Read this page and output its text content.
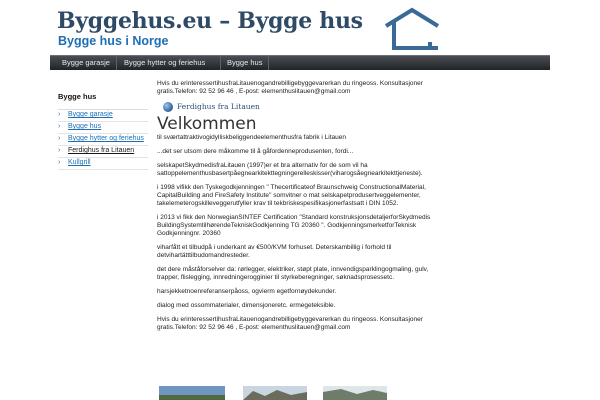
Byggehus.eu – Bygge hus
Bygge hus i Norge
Bygge garasje Bygge hytter og feriehus	Bygge hus
Bygge hus
› Bygge garasje
› Bygge hus
› Bygge hytter og feriehus
› Ferdighus fra Litauen
› Kullgrill

Hvis du erinteressertihusfraLitauenogandrebilligebyggevarerkan du ringeoss. Konsultasjoner gratis.Telefon: 92 52 96 46 , E-post: elementhuslitauen@gmail.com

Ferdighus fra Litauen
Velkommen

til sværtattraktivogidylliskbeliggendeelementhusfra fabrik i Litauen

...det ser utsom dere måkomme til å gåfordenneprodusenten, fordi...

selskapetSkydmedisfraLitauen (1997)er et bra alternativ for de som vil ha sattoppelementhusbasertpåegnearkitekttegningerelleskisser(viharogsåegnearkitekttjeneste).

i 1998 vifikk den Tyskegodkjenningen '' Thecertificateof Braunschweig ConstructionalMaterial, CapitalBuilding and FireSafety Institute'' somvitner o mat selskapetprodusertveggelementer, takelemeterogskilleveggerutfyller krav til tekbriskespesifikasjonerfastsatt i DIN 1052.

i 2013 vi fikk den NorwegianSINTEF Certification "Standard konstruksjonsdetaljerforSkydmedis BuildingSystemtilhørendeTekniskGodkjenning TG 20360 ". GodkjenningsmerketforTeknisk Godkjenningnr. 20360

viharfått et tilbudpå i underkant av €500/KVM forhuset. Deterskambillig i forhold til detvihartätttilbudomandresteder.

det dere måståforselver da: rørlegger, elektriker, støpt plate, innvendigsparklingogmaling, gulv, trapper, flislegging, innredningerogginier til styrkeberegninger, søknadsprosessetc.

harsjekketnoenreferanserpåoss, ogvierm egetfornøydekunder.

dialog med ossommaterialer, dimensjoneretc. ermegeteksible.

Hvis du erinteressertihusfraLitauenogandrebilligebyggevarerkan du ringeoss. Konsultasjoner gratis.Telefon: 92 52 96 46 , E-post: elementhuslitauen@gmail.com
